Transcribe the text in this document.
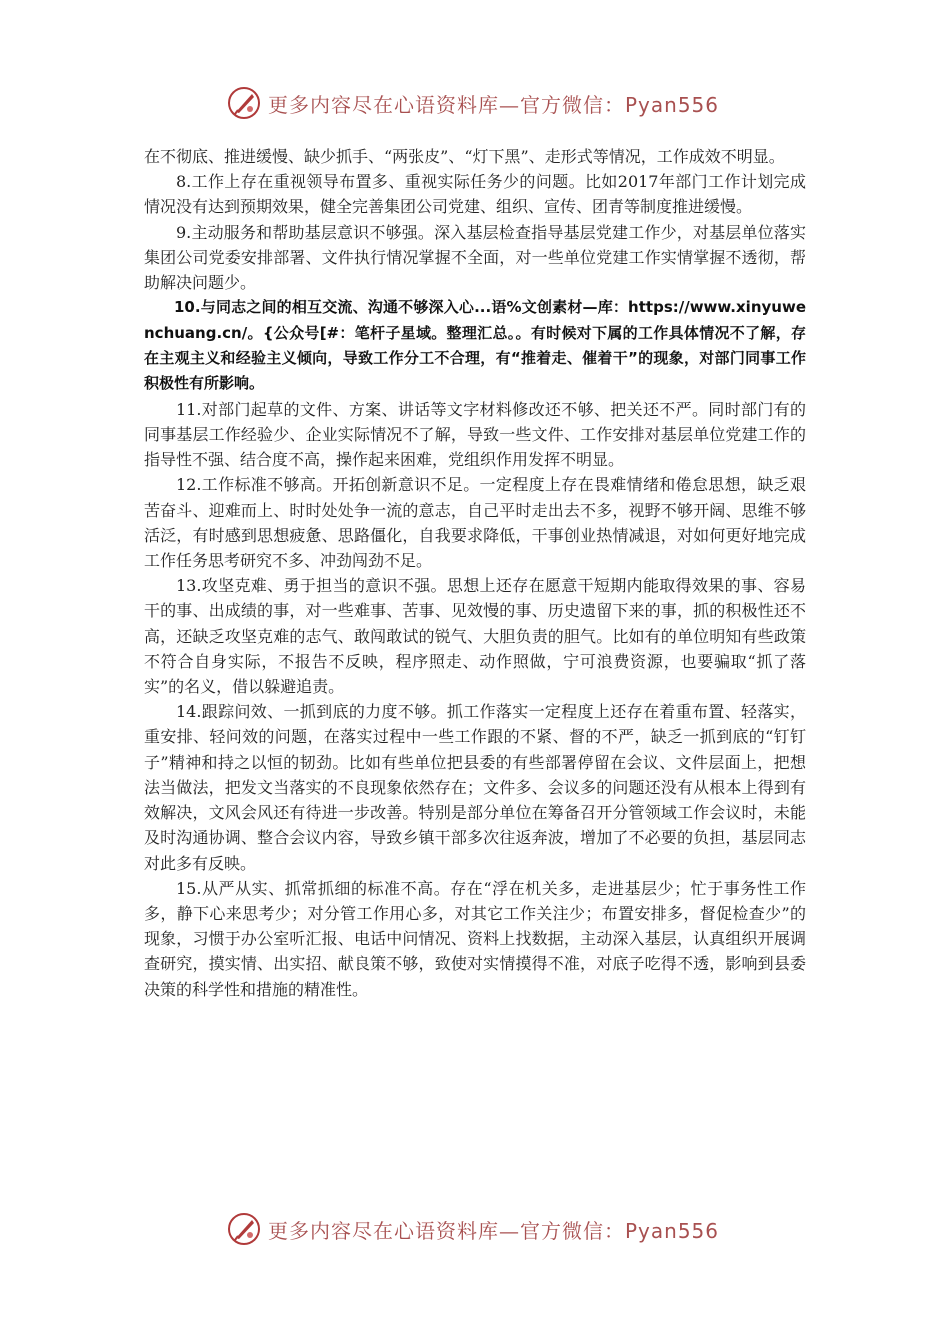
更多内容尽在心语资料库—官方微信：Pyan556

在不彻底、推进缓慢、缺少抓手、“两张皮”、“灯下黑”、走形式等情况，工作成效不明显。

8.工作上存在重视领导布置多、重视实际任务少的问题。比如2017年部门工作计划完成情况没有达到预期效果，健全完善集团公司党建、组织、宣传、团青等制度推进缓慢。

9.主动服务和帮助基层意识不够强。深入基层检查指导基层党建工作少，对基层单位落实集团公司党委安排部署、文件执行情况掌握不全面，对一些单位党建工作实情掌握不透彻，帮助解决问题少。

10.与同志之间的相互交流、沟通不够深入心...语%文创素材—库：https://www.xinyuwenchuang.cn/。{公众号[#：笔杆子星域。整理汇总。。有时候对下属的工作具体情况不了解，存在主观主义和经验主义倾向，导致工作分工不合理，有“推着走、催着干”的现象，对部门同事工作积极性有所影响。

11.对部门起草的文件、方案、讲话等文字材料修改还不够、把关还不严。同时部门有的同事基层工作经验少、企业实际情况不了解，导致一些文件、工作安排对基层单位党建工作的指导性不强、结合度不高，操作起来困难，党组织作用发挥不明显。

12.工作标准不够高。开拓创新意识不足。一定程度上存在畏难情绪和倦怠思想，缺乏艰苦奋斗、迎难而上、时时处处争一流的意志，自己平时走出去不多，视野不够开阔、思维不够活泛，有时感到思想疲惫、思路僵化，自我要求降低，干事创业热情减退，对如何更好地完成工作任务思考研究不多、冲劲闯劲不足。

13.攻坚克难、勇于担当的意识不强。思想上还存在愿意干短期内能取得效果的事、容易干的事、出成绩的事，对一些难事、苦事、见效慢的事、历史遗留下来的事，抓的积极性还不高，还缺乏攻坚克难的志气、敢闯敢试的锐气、大胆负责的胆气。比如有的单位明知有些政策不符合自身实际，不报告不反映，程序照走、动作照做，宁可浪费资源，也要骗取“抓了落实”的名义，借以躲避追责。

14.跟踪问效、一抓到底的力度不够。抓工作落实一定程度上还存在着重布置、轻落实，重安排、轻问效的问题，在落实过程中一些工作跟的不紧、督的不严，缺乏一抓到底的“钉钉子”精神和持之以恒的韧劲。比如有些单位把县委的有些部署停留在会议、文件层面上，把想法当做法，把发文当落实的不良现象依然存在；文件多、会议多的问题还没有从根本上得到有效解决，文风会风还有待进一步改善。特别是部分单位在筹备召开分管领域工作会议时，未能及时沟通协调、整合会议内容，导致乡镇干部多次往返奔波，增加了不必要的负担，基层同志对此多有反映。

15.从严从实、抓常抓细的标准不高。存在“浮在机关多，走进基层少；忙于事务性工作多，静下心来思考少；对分管工作用心多，对其它工作关注少；布置安排多，督促检查少”的现象，习惯于办公室听汇报、电话中问情况、资料上找数据，主动深入基层，认真组织开展调查研究，摸实情、出实招、献良策不够，致使对实情摸得不准，对底子吃得不透，影响到县委决策的科学性和措施的精准性。

更多内容尽在心语资料库—官方微信：Pyan556
